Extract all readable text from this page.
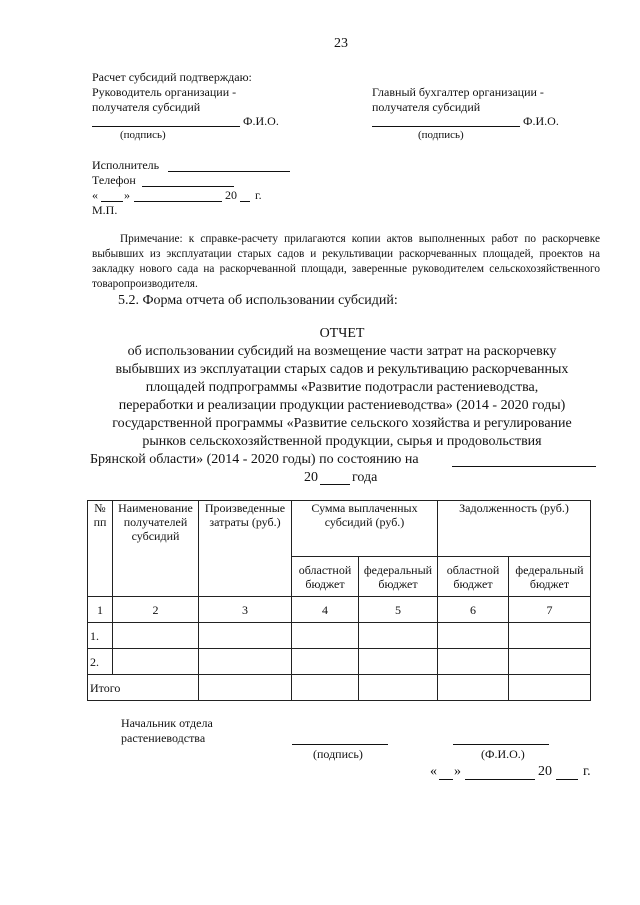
23
Расчет субсидий подтверждаю:
Руководитель организации -
получателя субсидий
Главный бухгалтер организации -
получателя субсидий
Ф.И.О.
(подпись)
Ф.И.О.
(подпись)
Исполнитель
Телефон
« »	20 г.
М.П.
Примечание: к справке-расчету прилагаются копии актов выполненных работ по раскорчевке выбывших из эксплуатации старых садов и рекультивации раскорчеванных площадей, проектов на закладку нового сада на раскорчеванной площади, заверенные руководителем сельскохозяйственного товаропроизводителя.
5.2. Форма отчета об использовании субсидий:
ОТЧЕТ
об использовании субсидий на возмещение части затрат на раскорчевку
выбывших из эксплуатации старых садов и рекультивацию раскорчеванных
площадей подпрограммы «Развитие подотрасли растениеводства,
переработки и реализации продукции растениеводства» (2014 - 2020 годы)
государственной программы «Развитие сельского хозяйства и регулирование
рынков сельскохозяйственной продукции, сырья и продовольствия
Брянской области» (2014 - 2020 годы) по состоянию на
20 года
№ пп	Наименование получателей субсидий	Произведенные затраты (руб.)	Сумма выплаченных субсидий (руб.)		Задолженность (руб.)	
			областной бюджет	федеральный бюджет	областной бюджет	федеральный бюджет
1	2	3	4	5	6	7
1.						
2.						
Итого						
Начальник отдела
растениеводства
(подпись)	(Ф.И.О.)
« »	20 г.
